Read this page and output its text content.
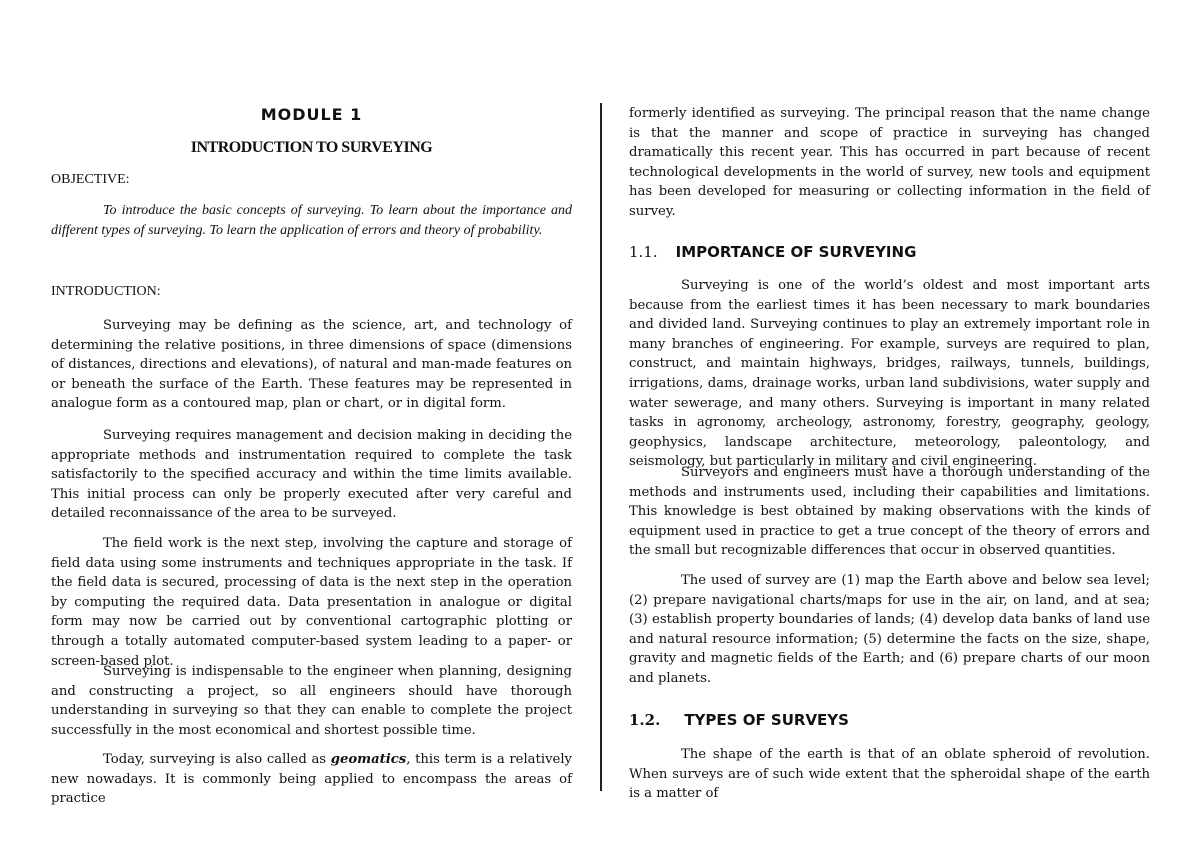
MODULE 1
INTRODUCTION TO SURVEYING
OBJECTIVE:
To introduce the basic concepts of surveying. To learn about the importance and different types of surveying. To learn the application of errors and theory of probability.
INTRODUCTION:

Surveying may be defining as the science, art, and technology of determining the relative positions, in three dimensions of space (dimensions of distances, directions and elevations), of natural and man-made features on or beneath the surface of the Earth. These features may be represented in analogue form as a contoured map, plan or chart, or in digital form.

Surveying requires management and decision making in deciding the appropriate methods and instrumentation required to complete the task satisfactorily to the specified accuracy and within the time limits available. This initial process can only be properly executed after very careful and detailed reconnaissance of the area to be surveyed.

The field work is the next step, involving the capture and storage of field data using some instruments and techniques appropriate in the task. If the field data is secured, processing of data is the next step in the operation by computing the required data. Data presentation in analogue or digital form may now be carried out by conventional cartographic plotting or through a totally automated computer-based system leading to a paper- or screen-based plot.

Surveying is indispensable to the engineer when planning, designing and constructing a project, so all engineers should have thorough understanding in surveying so that they can enable to complete the project successfully in the most economical and shortest possible time.

Today, surveying is also called as geomatics, this term is a relatively new nowadays. It is commonly being applied to encompass the areas of practice

formerly identified as surveying. The principal reason that the name change is that the manner and scope of practice in surveying has changed dramatically this recent year. This has occurred in part because of recent technological developments in the world of survey, new tools and equipment has been developed for measuring or collecting information in the field of survey.

1.1. IMPORTANCE OF SURVEYING

Surveying is one of the world’s oldest and most important arts because from the earliest times it has been necessary to mark boundaries and divided land. Surveying continues to play an extremely important role in many branches of engineering. For example, surveys are required to plan, construct, and maintain highways, bridges, railways, tunnels, buildings, irrigations, dams, drainage works, urban land subdivisions, water supply and water sewerage, and many others. Surveying is important in many related tasks in agronomy, archeology, astronomy, forestry, geography, geology, geophysics, landscape architecture, meteorology, paleontology, and seismology, but particularly in military and civil engineering.

Surveyors and engineers must have a thorough understanding of the methods and instruments used, including their capabilities and limitations. This knowledge is best obtained by making observations with the kinds of equipment used in practice to get a true concept of the theory of errors and the small but recognizable differences that occur in observed quantities.

The used of survey are (1) map the Earth above and below sea level; (2) prepare navigational charts/maps for use in the air, on land, and at sea; (3) establish property boundaries of lands; (4) develop data banks of land use and natural resource information; (5) determine the facts on the size, shape, gravity and magnetic fields of the Earth; and (6) prepare charts of our moon and planets.

1.2. TYPES OF SURVEYS

The shape of the earth is that of an oblate spheroid of revolution. When surveys are of such wide extent that the spheroidal shape of the earth is a matter of
